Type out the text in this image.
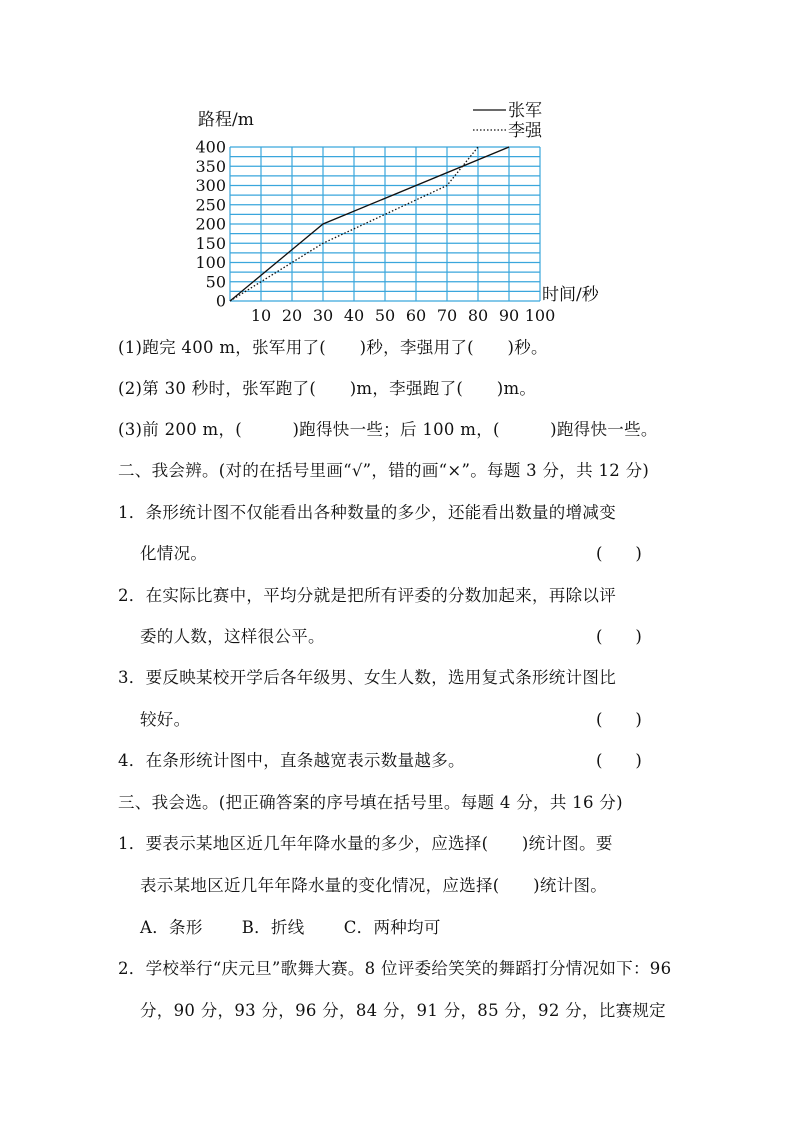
0
50
100
150
200
250
300
350
400
10 20 30 40 50 60 70 80 90 100
路程/m
时间/秒
张军
李强

(1)跑完 400 m，张军用了(　　)秒，李强用了(　　)秒。

(2)第 30 秒时，张军跑了(　　)m，李强跑了(　　)m。

(3)前 200 m，(　　　)跑得快一些；后 100 m，(　　　)跑得快一些。

二、我会辨。(对的在括号里画“√”，错的画“×”。每题 3 分，共 12 分)

1．条形统计图不仅能看出各种数量的多少，还能看出数量的增减变

化情况。	(　　)

2．在实际比赛中，平均分就是把所有评委的分数加起来，再除以评

委的人数，这样很公平。	(　　)

3．要反映某校开学后各年级男、女生人数，选用复式条形统计图比

较好。	(　　)

4．在条形统计图中，直条越宽表示数量越多。	(　　)

三、我会选。(把正确答案的序号填在括号里。每题 4 分，共 16 分)

1．要表示某地区近几年年降水量的多少，应选择(　　)统计图。要

表示某地区近几年年降水量的变化情况，应选择(　　)统计图。

A．条形　　 B．折线　　 C．两种均可

2．学校举行“庆元旦”歌舞大赛。8 位评委给笑笑的舞蹈打分情况如下：96

分，90 分，93 分，96 分，84 分，91 分，85 分，92 分，比赛规定
